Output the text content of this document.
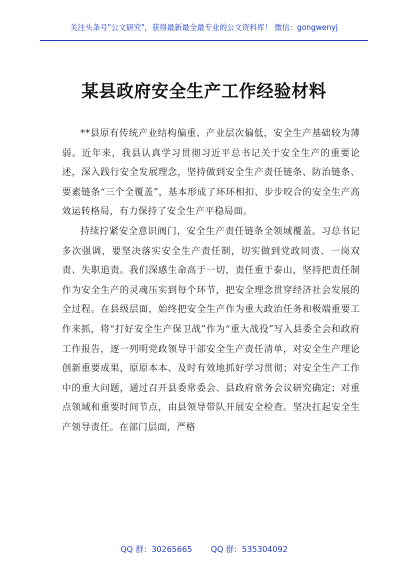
关注头条号"公文研究"，获得最新最全最专业的公文资料库！ 微信：gongwenyj
某县政府安全生产工作经验材料

**县原有传统产业结构偏重、产业层次偏低，安全生产基础较为薄弱。近年来，我县认真学习贯彻习近平总书记关于安全生产的重要论述，深入践行安全发展理念，坚持做到安全生产责任链条、防治链条、要素链条“三个全覆盖”，基本形成了环环相扣、步步咬合的安全生产高效运转格局，有力保持了安全生产平稳局面。

持续拧紧安全意识阀门，安全生产责任链条全领域覆盖。习总书记多次强调，要坚决落实安全生产责任制，切实做到党政同责、一岗双责、失职追责。我们深感生命高于一切，责任重于泰山，坚持把责任制作为安全生产的灵魂压实到每个环节，把安全理念贯穿经济社会发展的全过程。在县级层面，始终把安全生产作为重大政治任务和极端重要工作来抓，将“打好安全生产保卫战”作为“重大战役”写入县委全会和政府工作报告，逐一列明党政领导干部安全生产责任清单，对安全生产理论创新重要成果，原原本本、及时有效地抓好学习贯彻；对安全生产工作中的重大问题，通过召开县委常委会、县政府常务会议研究确定；对重点领域和重要时间节点，由县领导带队开展安全检查。坚决扛起安全生产领导责任。在部门层面，严格

QQ 群：30265665 QQ 群：535304092
